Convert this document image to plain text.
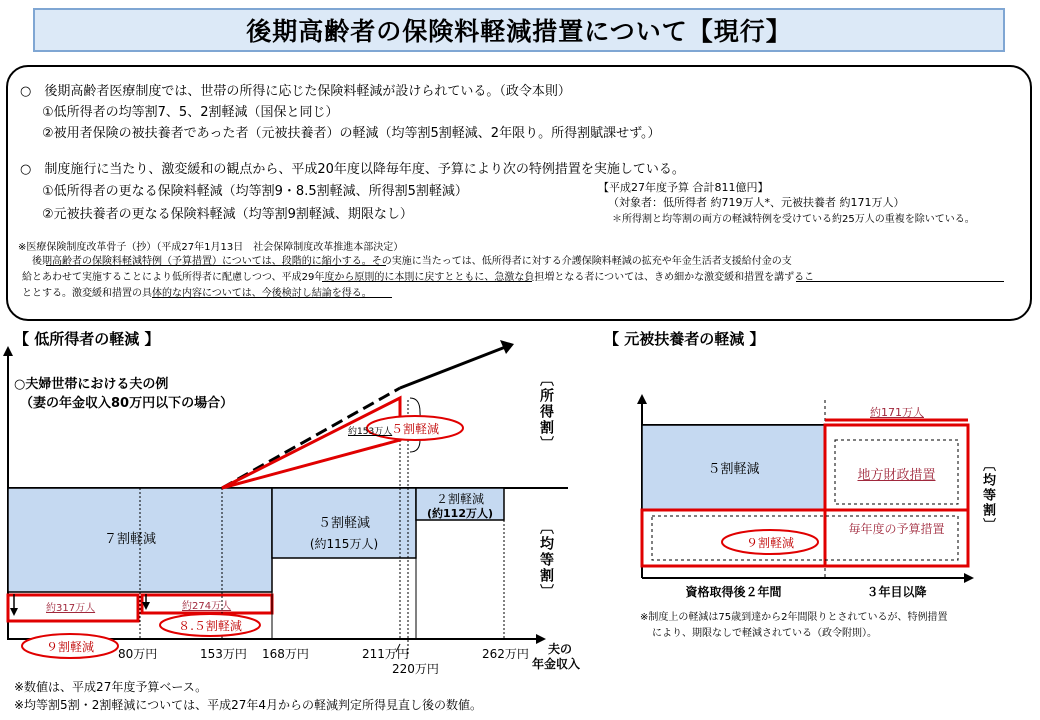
後期高齢者の保険料軽減措置について【現行】
○　後期高齢者医療制度では、世帯の所得に応じた保険料軽減が設けられている。（政令本則）
①低所得者の均等割7、5、2割軽減（国保と同じ）
②被用者保険の被扶養者であった者（元被扶養者）の軽減（均等割5割軽減、2年限り。所得割賦課せず。）
○　制度施行に当たり、激変緩和の観点から、平成20年度以降毎年度、予算により次の特例措置を実施している。
①低所得者の更なる保険料軽減（均等割9・8.5割軽減、所得割5割軽減）
②元被扶養者の更なる保険料軽減（均等割9割軽減、期限なし）
【平成27年度予算 合計811億円】
（対象者：低所得者 約719万人*、元被扶養者 約171万人）
＊所得割と均等割の両方の軽減特例を受けている約25万人の重複を除いている。
※医療保険制度改革骨子（抄）（平成27年1月13日　社会保障制度改革推進本部決定）
後期高齢者の保険料軽減特例（予算措置）については、段階的に縮小する。その実施に当たっては、低所得者に対する介護保険料軽減の拡充や年金生活者支援給付金の支
給とあわせて実施することにより低所得者に配慮しつつ、平成29年度から原則的に本則に戻すとともに、急激な負担増となる者については、きめ細かな激変緩和措置を講ずるこ
ととする。激変緩和措置の具体的な内容については、今後検討し結論を得る。
【 低所得者の軽減 】	【 元被扶養者の軽減 】
○夫婦世帯における夫の例
（妻の年金収入80万円以下の場合）	〔所得割〕
〔均等割〕
７割軽減
５割軽減
(約115万人)
２割軽減
(約112万人)
約153万人
５割軽減
約317万人	約274万人
９割軽減
８.５割軽減
80万円	153万円 168万円	211万円
220万円
262万円 夫の
年金収入
約171万人
５割軽減	地方財政措置
毎年度の予算措置
９割軽減
〔均等割〕
資格取得後２年間	３年目以降
※制度上の軽減は75歳到達から2年間限りとされているが、特例措置
により、期限なしで軽減されている（政令附則）。
※数値は、平成27年度予算ベース。
※均等割5割・2割軽減については、平成27年4月からの軽減判定所得見直し後の数値。
